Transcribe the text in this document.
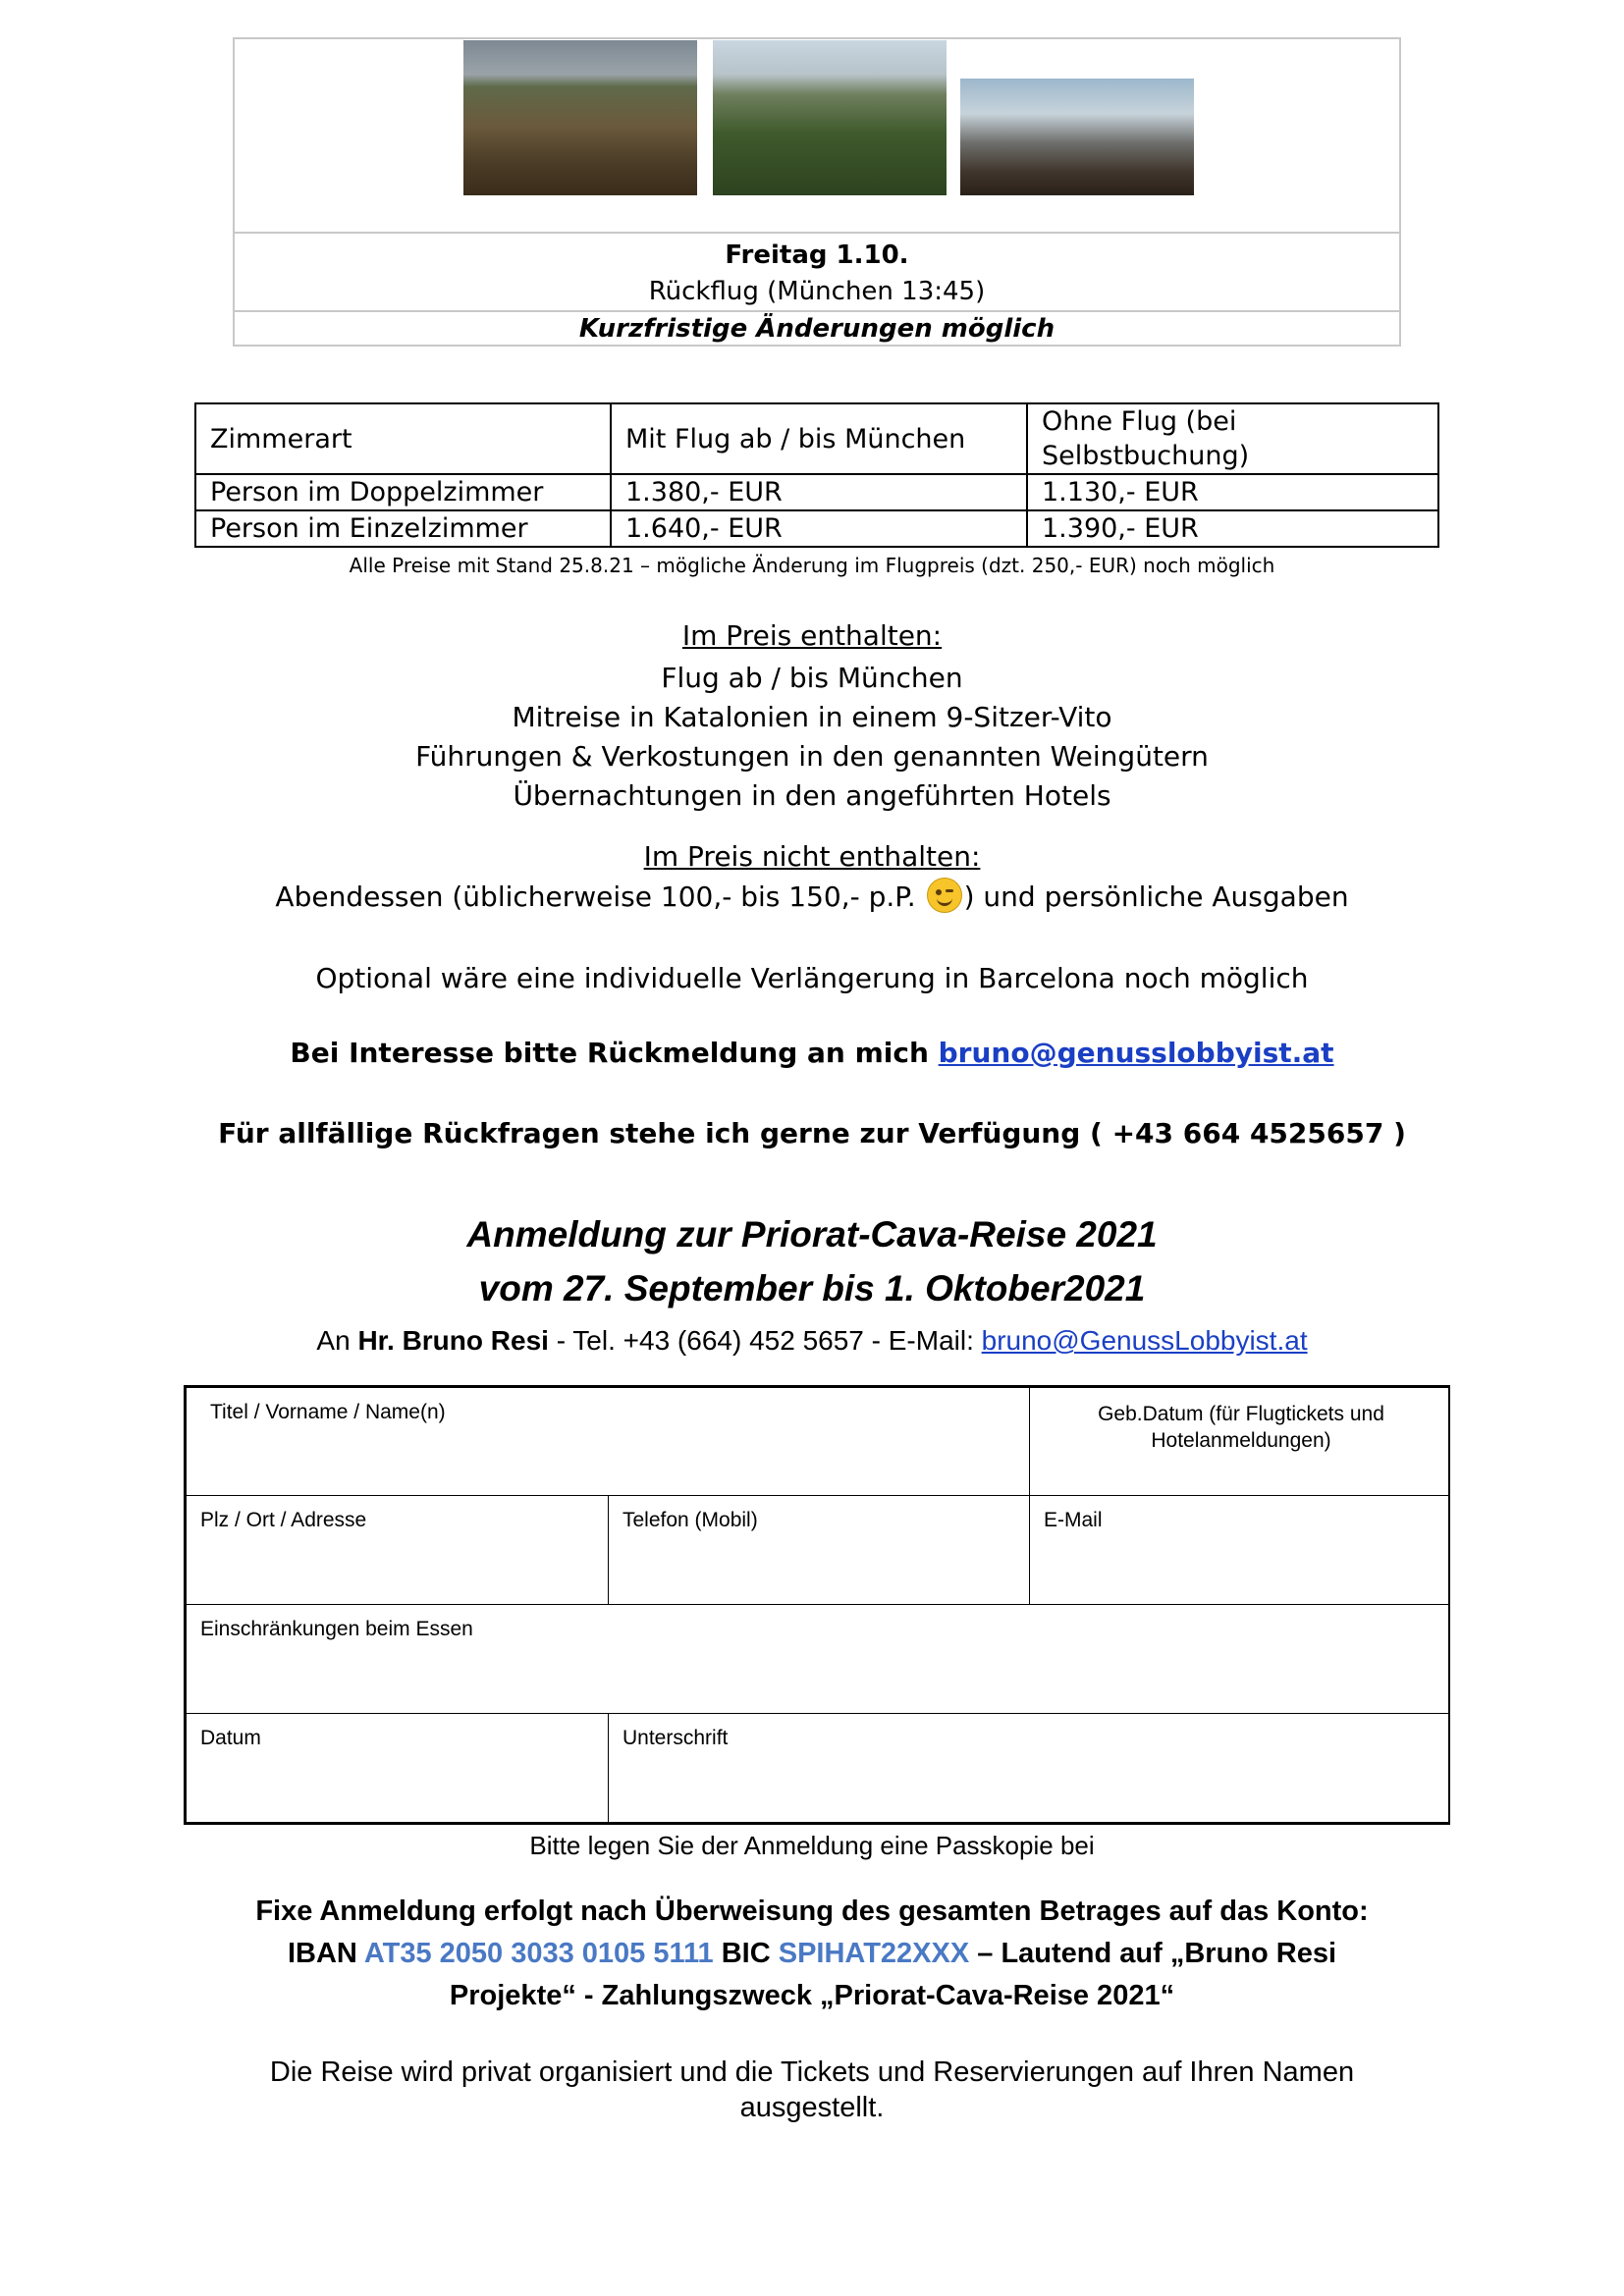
Freitag 1.10.
Rückflug (München 13:45)
Kurzfristige Änderungen möglich
Zimmerart	Mit Flug ab / bis München	Ohne Flug (bei Selbstbuchung)
Person im Doppelzimmer	1.380,- EUR	1.130,- EUR
Person im Einzelzimmer	1.640,- EUR	1.390,- EUR
Alle Preise mit Stand 25.8.21 – mögliche Änderung im Flugpreis (dzt. 250,- EUR) noch möglich
Im Preis enthalten:
Flug ab / bis München
Mitreise in Katalonien in einem 9-Sitzer-Vito
Führungen & Verkostungen in den genannten Weingütern
Übernachtungen in den angeführten Hotels
Im Preis nicht enthalten:
Abendessen (üblicherweise 100,- bis 150,- p.P.
) und persönliche Ausgaben
Optional wäre eine individuelle Verlängerung in Barcelona noch möglich
Bei Interesse bitte Rückmeldung an mich bruno@genusslobbyist.at
Für allfällige Rückfragen stehe ich gerne zur Verfügung ( +43 664 4525657 )
Anmeldung zur Priorat-Cava-Reise 2021
vom 27. September bis 1. Oktober2021
An Hr. Bruno Resi - Tel. +43 (664) 452 5657 - E-Mail: bruno@GenussLobbyist.at
Titel / Vorname / Name(n)	Geb.Datum (für Flugtickets und Hotelanmeldungen)
Plz / Ort / Adresse	Telefon (Mobil)	E-Mail
Einschränkungen beim Essen
Datum	Unterschrift
Bitte legen Sie der Anmeldung eine Passkopie bei
Fixe Anmeldung erfolgt nach Überweisung des gesamten Betrages auf das Konto:
IBAN AT35 2050 3033 0105 5111 BIC SPIHAT22XXX – Lautend auf „Bruno Resi
Projekte“ - Zahlungszweck „Priorat-Cava-Reise 2021“
Die Reise wird privat organisiert und die Tickets und Reservierungen auf Ihren Namen ausgestellt.
